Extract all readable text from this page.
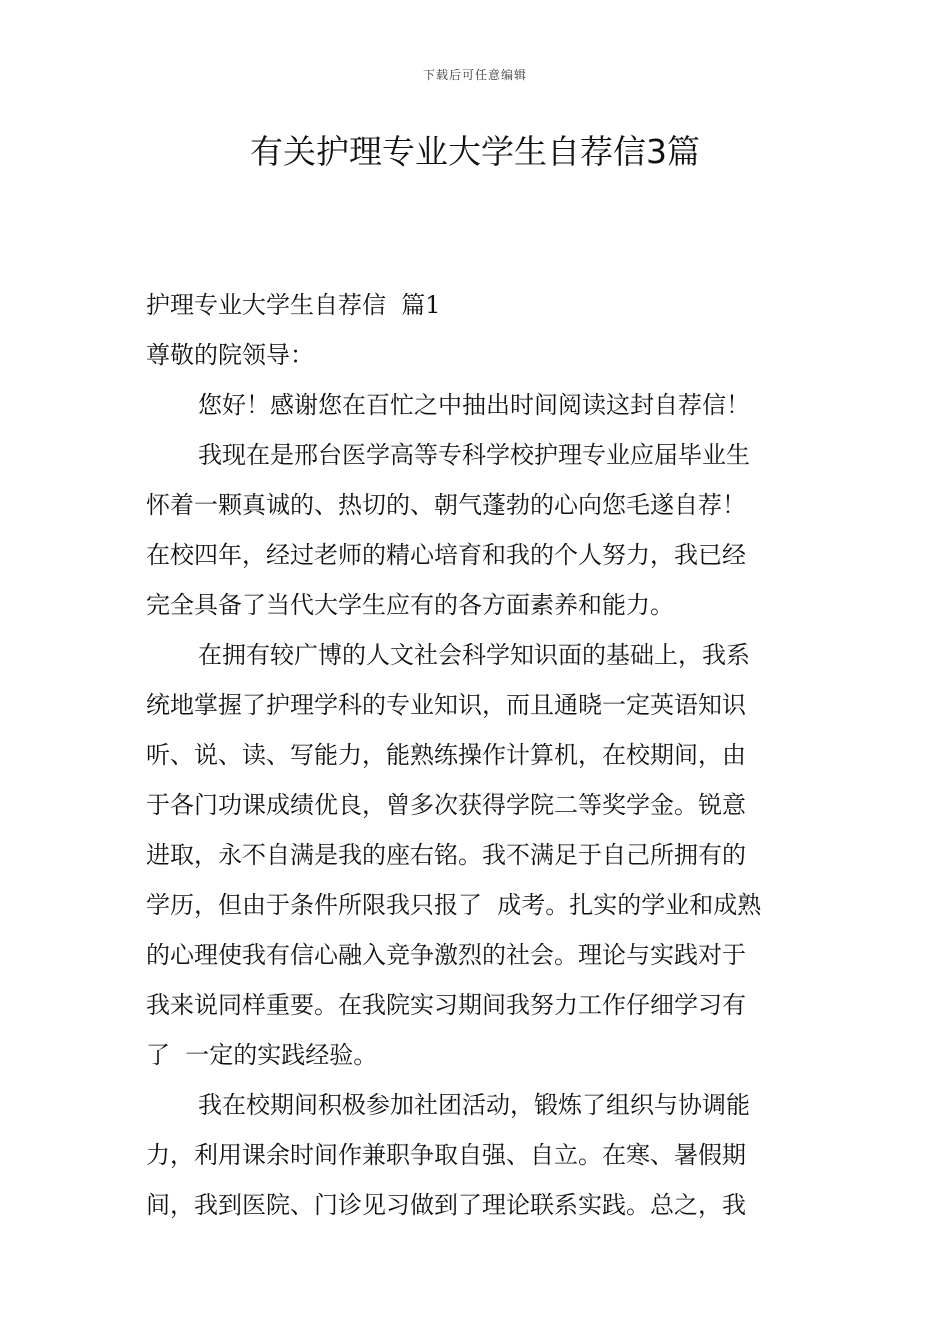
下载后可任意编辑
有关护理专业大学生自荐信3篇

护理专业大学生自荐信  篇1

尊敬的院领导：

您好！感谢您在百忙之中抽出时间阅读这封自荐信！

我现在是邢台医学高等专科学校护理专业应届毕业生

怀着一颗真诚的、热切的、朝气蓬勃的心向您毛遂自荐！

在校四年，经过老师的精心培育和我的个人努力，我已经

完全具备了当代大学生应有的各方面素养和能力。

在拥有较广博的人文社会科学知识面的基础上，我系

统地掌握了护理学科的专业知识，而且通晓一定英语知识

听、说、读、写能力，能熟练操作计算机，在校期间，由

于各门功课成绩优良，曾多次获得学院二等奖学金。锐意

进取，永不自满是我的座右铭。我不满足于自己所拥有的

学历，但由于条件所限我只报了  成考。扎实的学业和成熟

的心理使我有信心融入竞争激烈的社会。理论与实践对于

我来说同样重要。在我院实习期间我努力工作仔细学习有

了  一定的实践经验。

我在校期间积极参加社团活动，锻炼了组织与协调能

力，利用课余时间作兼职争取自强、自立。在寒、暑假期

间，我到医院、门诊见习做到了理论联系实践。总之，我
